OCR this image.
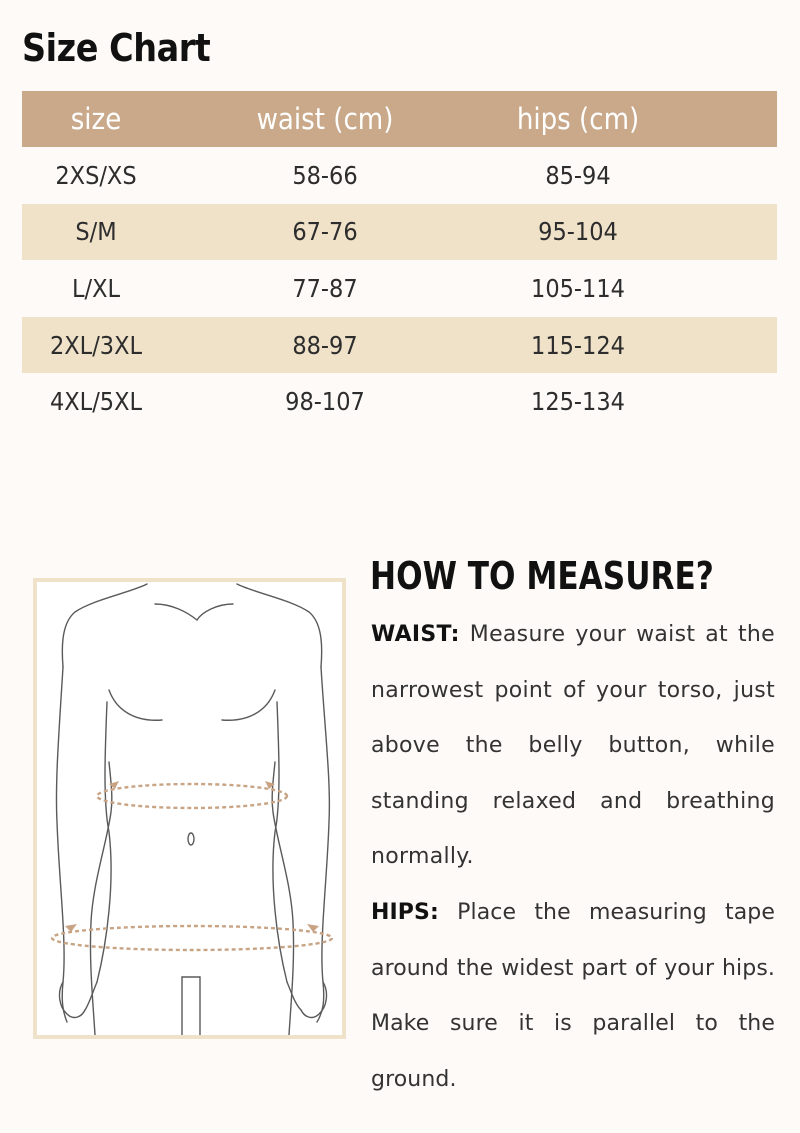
Size Chart
size	waist (cm)	hips (cm)
2XS/XS	58-66	85-94
S/M	67-76	95-104
L/XL	77-87	105-114
2XL/3XL	88-97	115-124
4XL/5XL	98-107	125-134
HOW TO MEASURE?
WAIST: Measure your waist at the narrowest point of your torso, just above the belly button, while standing relaxed and breathing normally.
HIPS: Place the measuring tape around the widest part of your hips. Make sure it is parallel to the ground.
